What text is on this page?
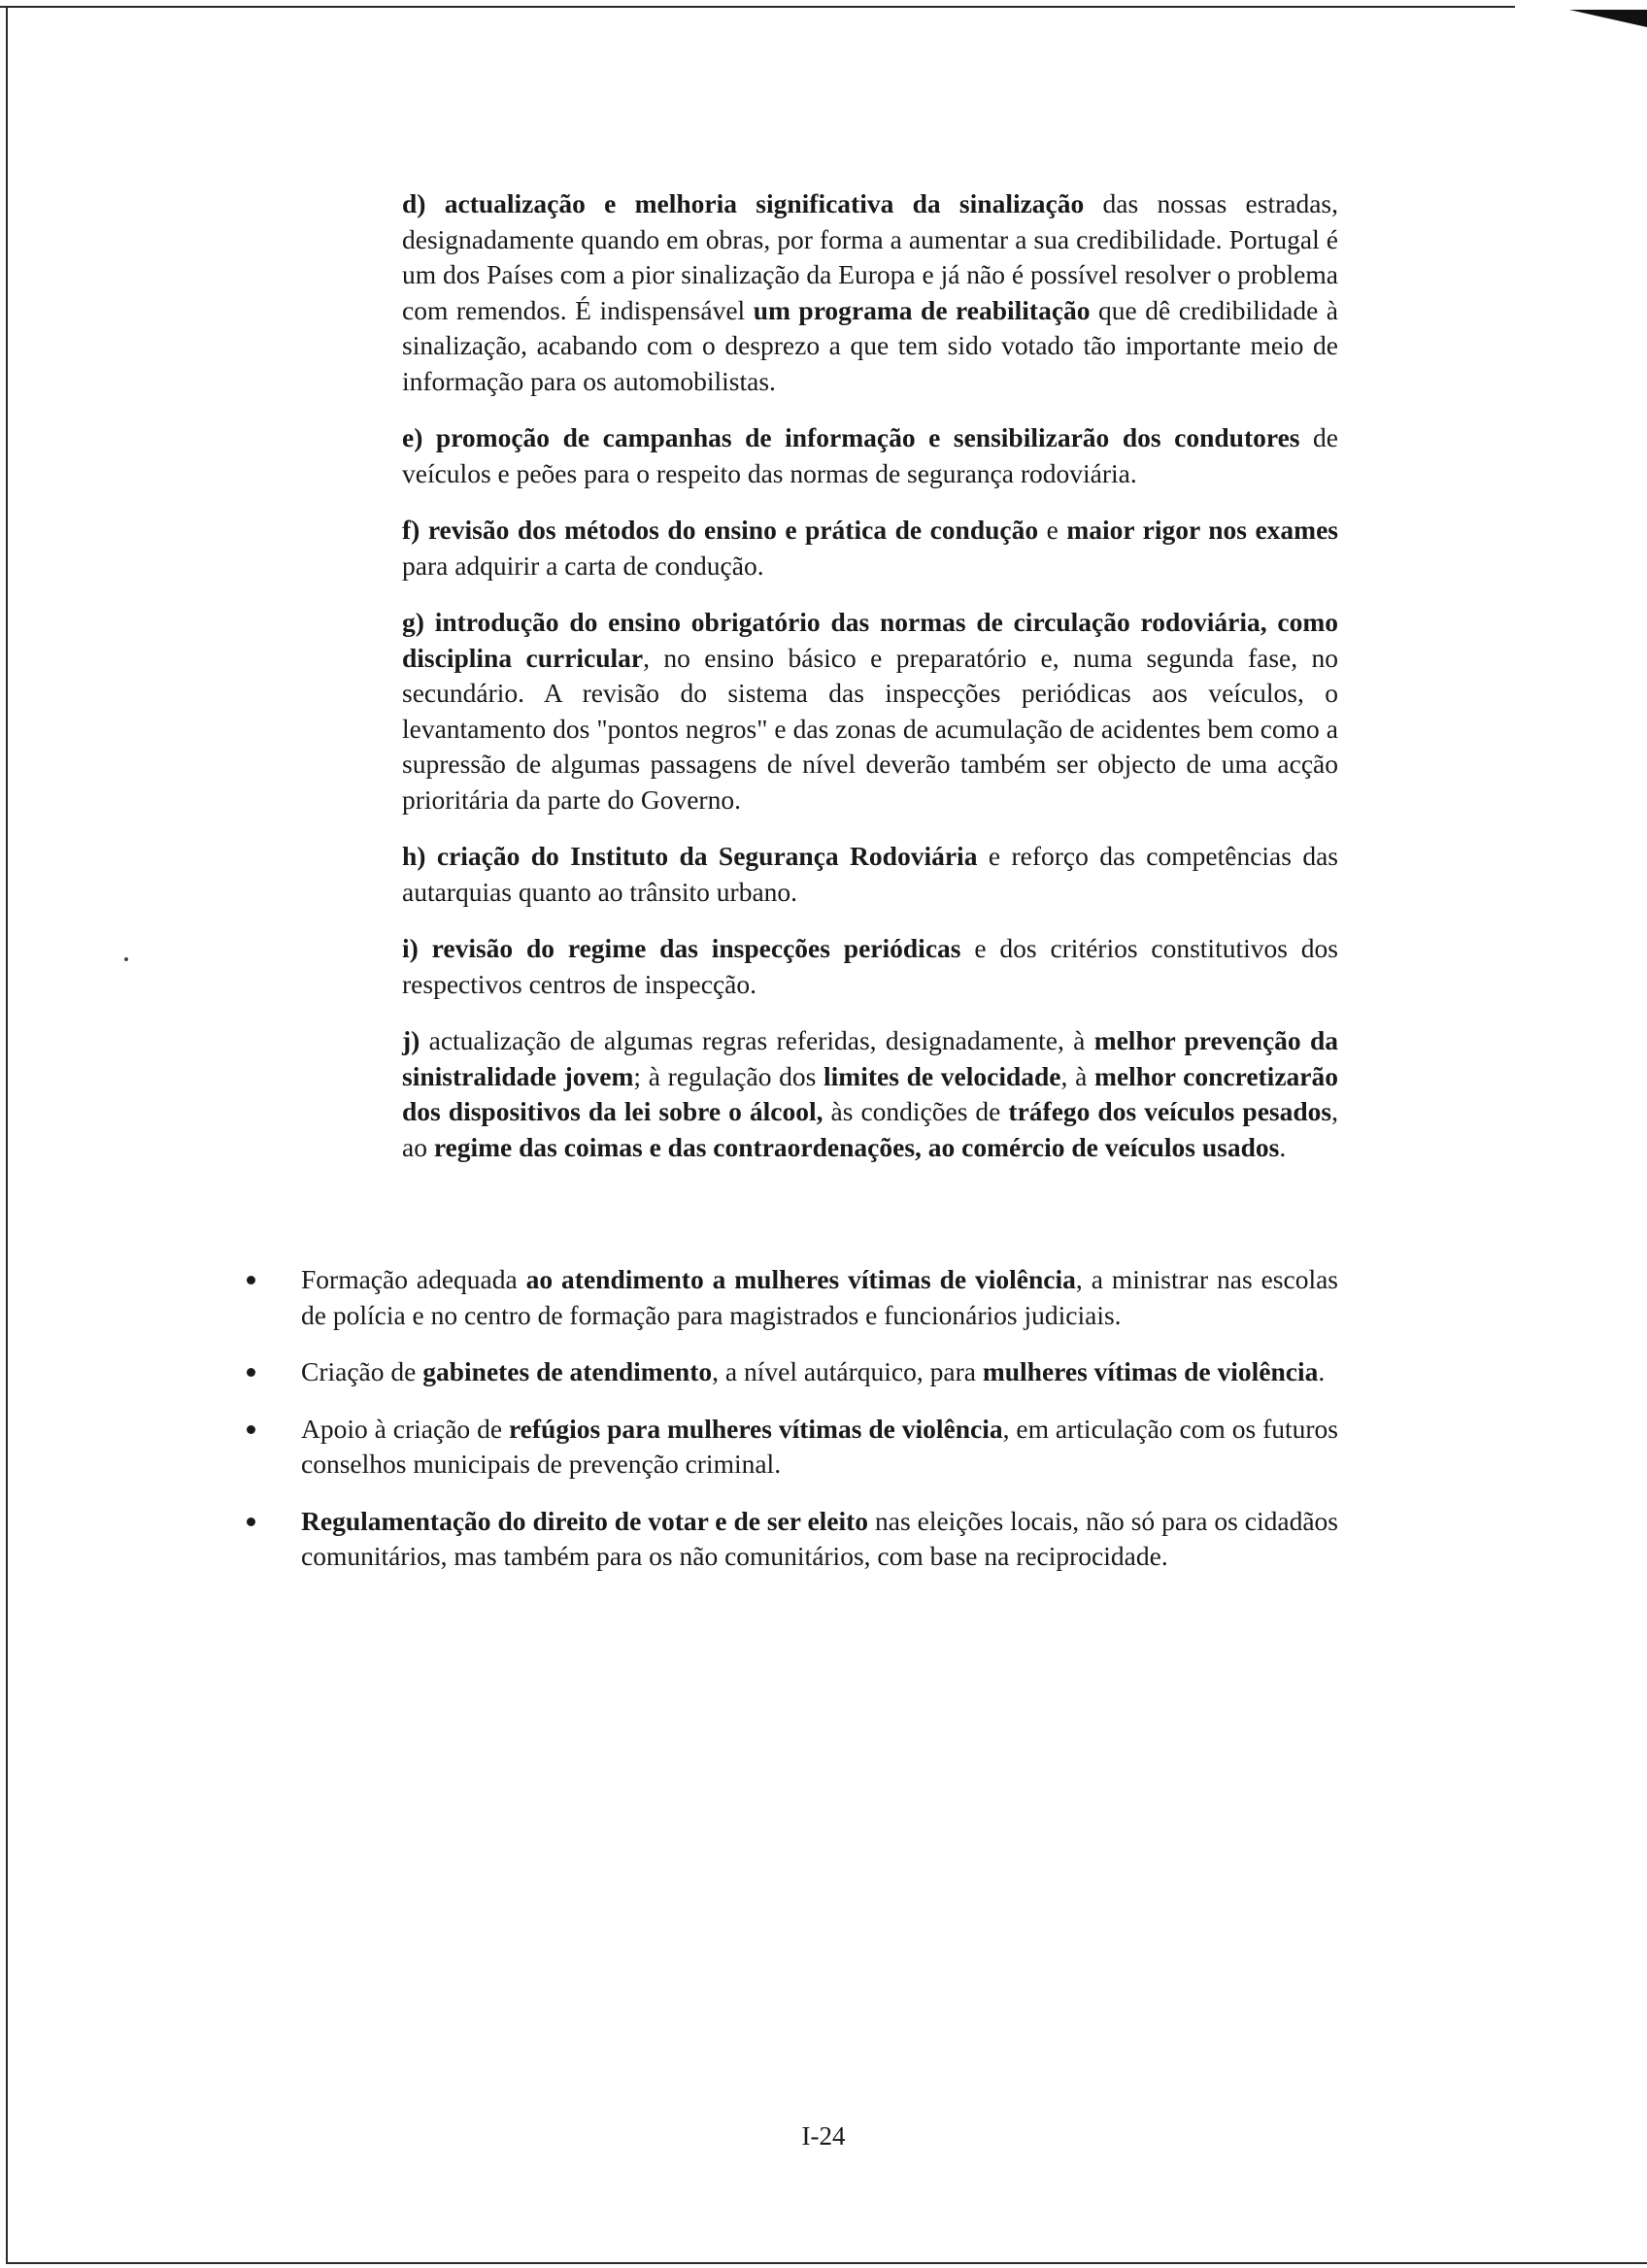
d) actualização e melhoria significativa da sinalização das nossas estradas, designadamente quando em obras, por forma a aumentar a sua credibilidade. Portugal é um dos Países com a pior sinalização da Europa e já não é possível resolver o problema com remendos. É indispensável um programa de reabilitação que dê credibilidade à sinalização, acabando com o desprezo a que tem sido votado tão importante meio de informação para os automobilistas.

e) promoção de campanhas de informação e sensibilizarão dos condutores de veículos e peões para o respeito das normas de segurança rodoviária.

f) revisão dos métodos do ensino e prática de condução e maior rigor nos exames para adquirir a carta de condução.

g) introdução do ensino obrigatório das normas de circulação rodoviária, como disciplina curricular, no ensino básico e preparatório e, numa segunda fase, no secundário. A revisão do sistema das inspecções periódicas aos veículos, o levantamento dos "pontos negros" e das zonas de acumulação de acidentes bem como a supressão de algumas passagens de nível deverão também ser objecto de uma acção prioritária da parte do Governo.

h) criação do Instituto da Segurança Rodoviária e reforço das competências das autarquias quanto ao trânsito urbano.

i) revisão do regime das inspecções periódicas e dos critérios constitutivos dos respectivos centros de inspecção.

j) actualização de algumas regras referidas, designadamente, à melhor prevenção da sinistralidade jovem; à regulação dos limites de velocidade, à melhor concretizarão dos dispositivos da lei sobre o álcool, às condições de tráfego dos veículos pesados, ao regime das coimas e das contraordenações, ao comércio de veículos usados.

Formação adequada ao atendimento a mulheres vítimas de violência, a ministrar nas escolas de polícia e no centro de formação para magistrados e funcionários judiciais.

Criação de gabinetes de atendimento, a nível autárquico, para mulheres vítimas de violência.

Apoio à criação de refúgios para mulheres vítimas de violência, em articulação com os futuros conselhos municipais de prevenção criminal.

Regulamentação do direito de votar e de ser eleito nas eleições locais, não só para os cidadãos comunitários, mas também para os não comunitários, com base na reciprocidade.

I-24
